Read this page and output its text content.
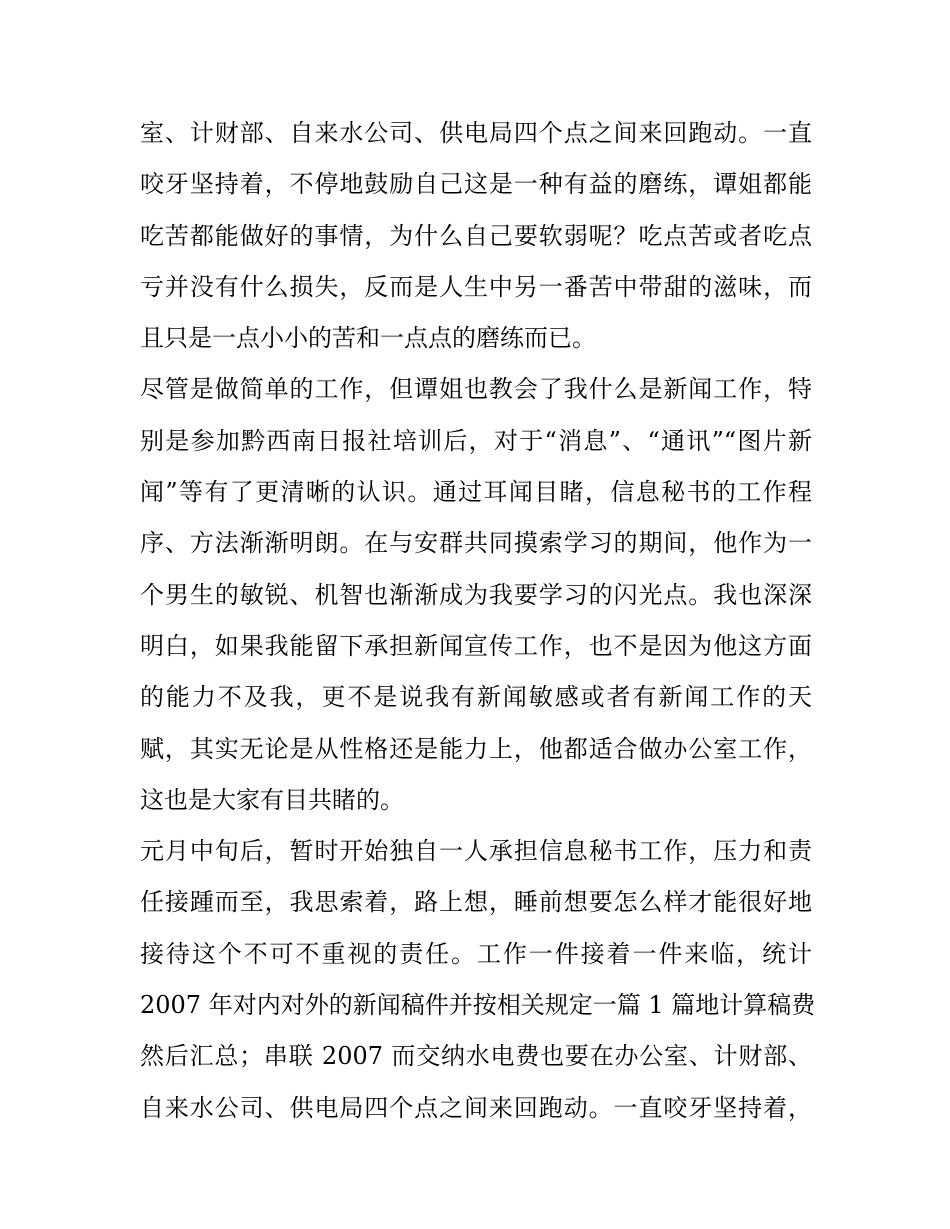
室、计财部、自来水公司、供电局四个点之间来回跑动。一直
咬牙坚持着，不停地鼓励自己这是一种有益的磨练，谭姐都能
吃苦都能做好的事情，为什么自己要软弱呢？吃点苦或者吃点
亏并没有什么损失，反而是人生中另一番苦中带甜的滋味，而
且只是一点小小的苦和一点点的磨练而已。
尽管是做简单的工作，但谭姐也教会了我什么是新闻工作，特
别是参加黔西南日报社培训后，对于“消息”、“通讯”“图片新
闻”等有了更清晰的认识。通过耳闻目睹，信息秘书的工作程
序、方法渐渐明朗。在与安群共同摸索学习的期间，他作为一
个男生的敏锐、机智也渐渐成为我要学习的闪光点。我也深深
明白，如果我能留下承担新闻宣传工作，也不是因为他这方面
的能力不及我，更不是说我有新闻敏感或者有新闻工作的天
赋，其实无论是从性格还是能力上，他都适合做办公室工作，
这也是大家有目共睹的。
元月中旬后，暂时开始独自一人承担信息秘书工作，压力和责
任接踵而至，我思索着，路上想，睡前想要怎么样才能很好地
接待这个不可不重视的责任。工作一件接着一件来临，统计
2007 年对内对外的新闻稿件并按相关规定一篇 1 篇地计算稿费
然后汇总；串联 2007 而交纳水电费也要在办公室、计财部、
自来水公司、供电局四个点之间来回跑动。一直咬牙坚持着，
